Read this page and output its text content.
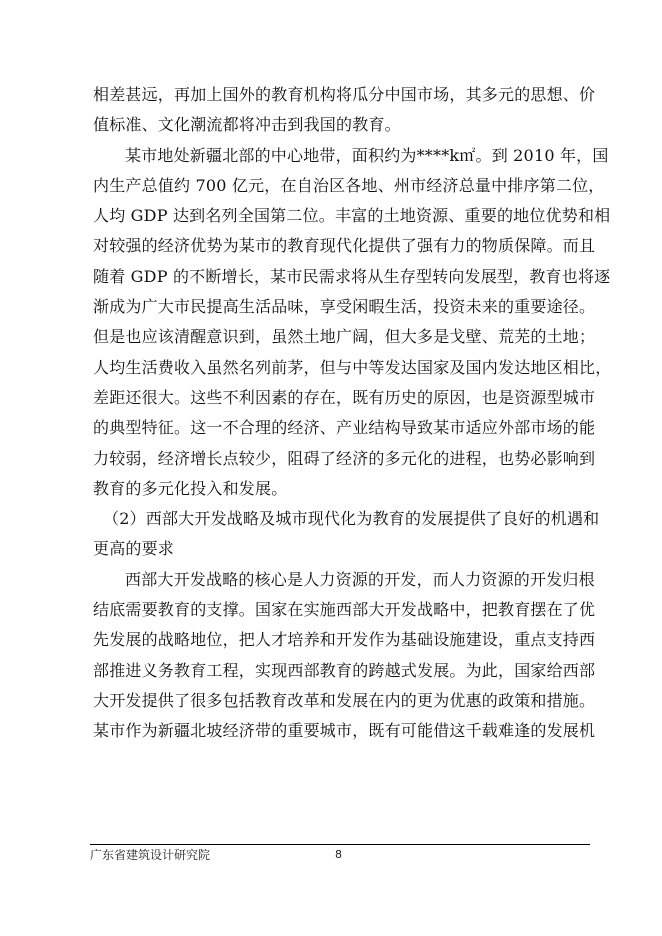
相差甚远，再加上国外的教育机构将瓜分中国市场，其多元的思想、价
值标准、文化潮流都将冲击到我国的教育。
某市地处新疆北部的中心地带，面积约为****k㎡。到 2010 年，国
内生产总值约 700 亿元，在自治区各地、州市经济总量中排序第二位，
人均 GDP 达到名列全国第二位。丰富的土地资源、重要的地位优势和相
对较强的经济优势为某市的教育现代化提供了强有力的物质保障。而且
随着 GDP 的不断增长，某市民需求将从生存型转向发展型，教育也将逐
渐成为广大市民提高生活品味，享受闲暇生活，投资未来的重要途径。
但是也应该清醒意识到，虽然土地广阔，但大多是戈壁、荒芜的土地；
人均生活费收入虽然名列前茅，但与中等发达国家及国内发达地区相比，
差距还很大。这些不利因素的存在，既有历史的原因，也是资源型城市
的典型特征。这一不合理的经济、产业结构导致某市适应外部市场的能
力较弱，经济增长点较少，阻碍了经济的多元化的进程，也势必影响到
教育的多元化投入和发展。
（2）西部大开发战略及城市现代化为教育的发展提供了良好的机遇和
更高的要求
西部大开发战略的核心是人力资源的开发，而人力资源的开发归根
结底需要教育的支撑。国家在实施西部大开发战略中，把教育摆在了优
先发展的战略地位，把人才培养和开发作为基础设施建设，重点支持西
部推进义务教育工程，实现西部教育的跨越式发展。为此，国家给西部
大开发提供了很多包括教育改革和发展在内的更为优惠的政策和措施。
某市作为新疆北坡经济带的重要城市，既有可能借这千载难逢的发展机
广东省建筑设计研究院	8
